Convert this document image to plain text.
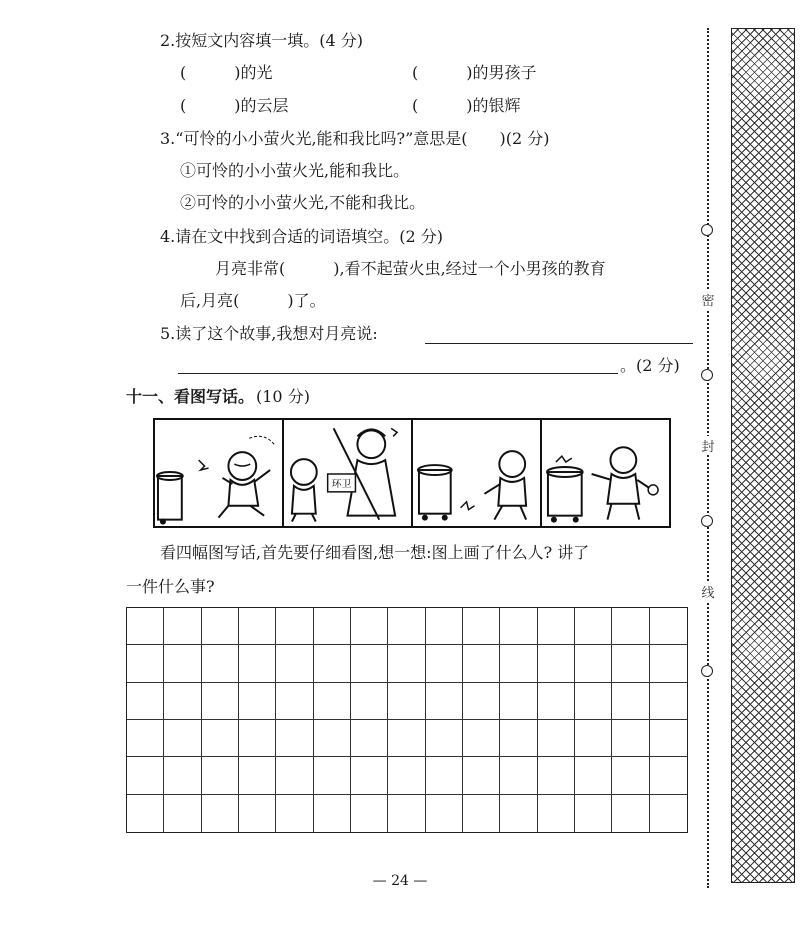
2.按短文内容填一填。(4 分)
(　　　)的光	(　　　)的男孩子
(　　　)的云层	(　　　)的银辉
3.“可怜的小小萤火光,能和我比吗?”意思是(　　)(2 分)
①可怜的小小萤火光,能和我比。
②可怜的小小萤火光,不能和我比。
4.请在文中找到合适的词语填空。(2 分)
月亮非常(　　　),看不起萤火虫,经过一个小男孩的教育
后,月亮(　　　)了。
5.读了这个故事,我想对月亮说:
。(2 分)
十一、看图写话。 (10 分)
环卫
看四幅图写话,首先要仔细看图,想一想:图上画了什么人? 讲了
一件什么事?
密
封
线
— 24 —
